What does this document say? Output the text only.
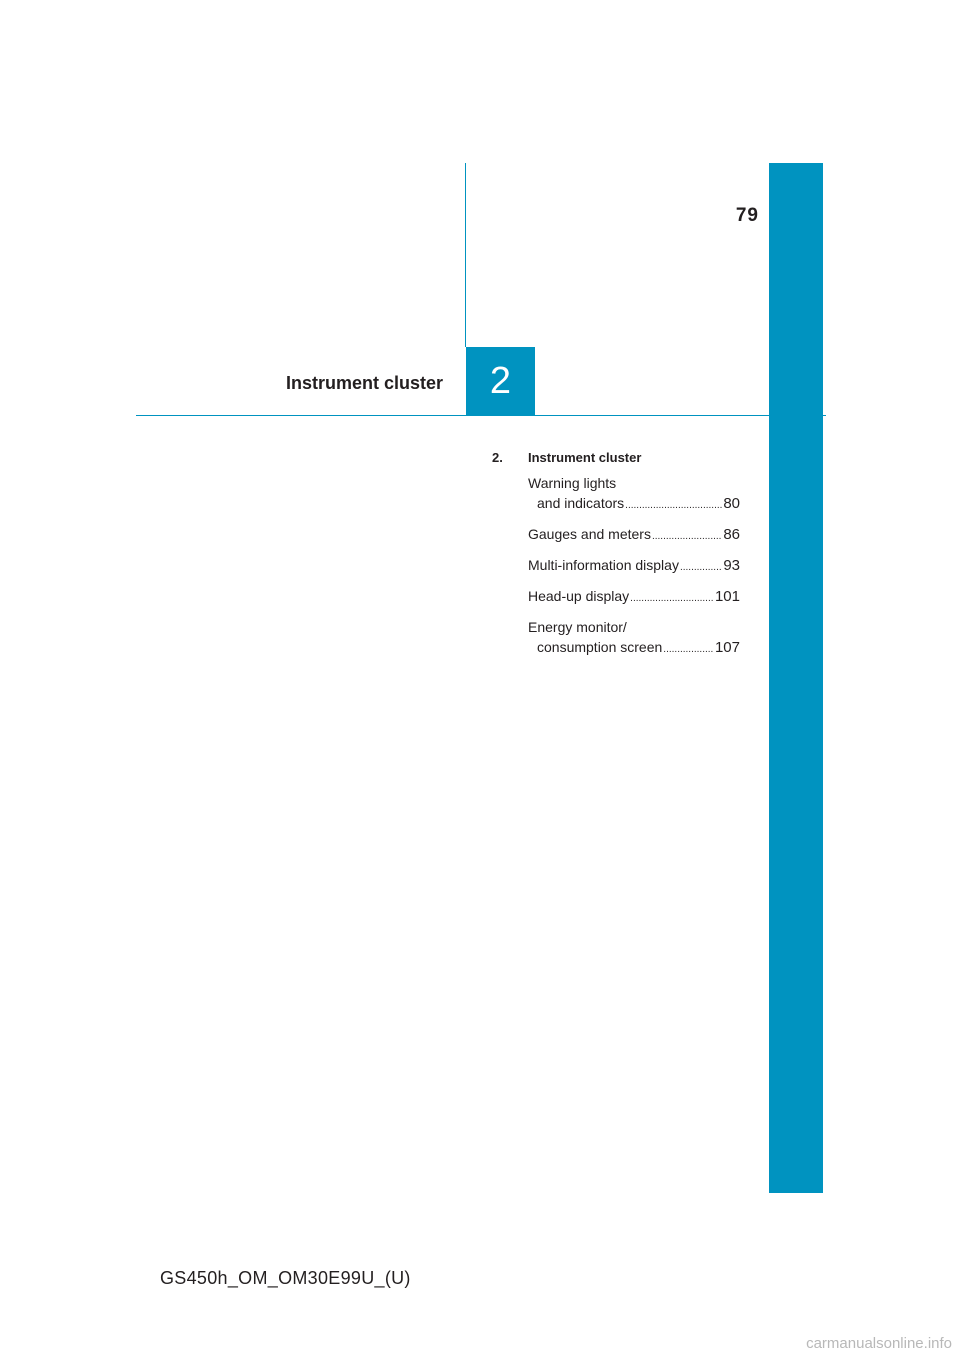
79
Instrument cluster 2
2.	Instrument cluster
Warning lights
and indicators .....	80
Gauges and meters .....	86
Multi-information display .....	93
Head-up display .....	101
Energy monitor/
consumption screen .....	107
GS450h_OM_OM30E99U_(U)
carmanualsonline.info
